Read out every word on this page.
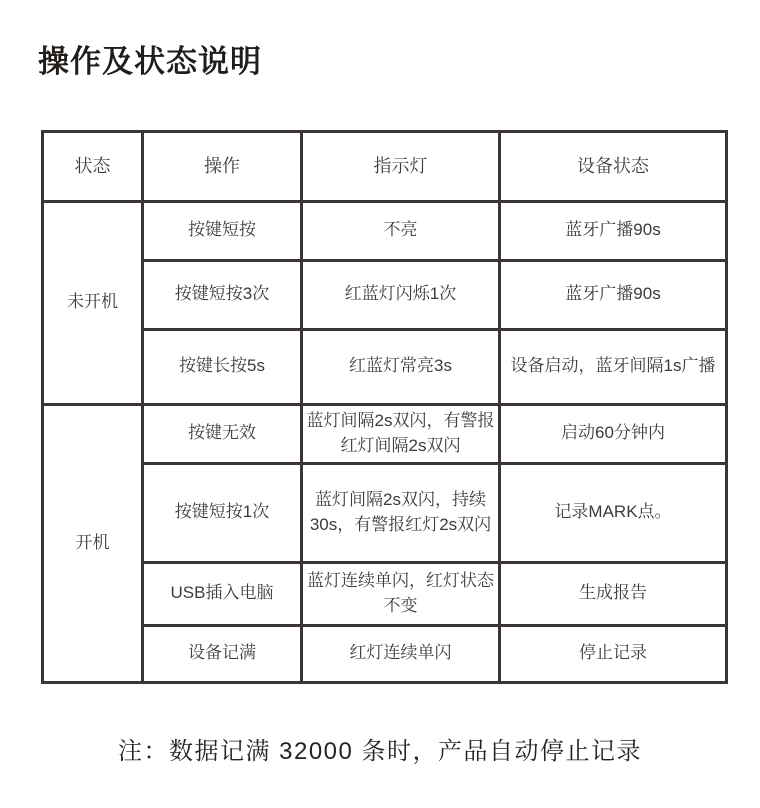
操作及状态说明
状态	操作	指示灯	设备状态
未开机	按键短按	不亮	蓝牙广播90s
	按键短按3次	红蓝灯闪烁1次	蓝牙广播90s
	按键长按5s	红蓝灯常亮3s	设备启动，蓝牙间隔1s广播
开机	按键无效	蓝灯间隔2s双闪，有警报红灯间隔2s双闪	启动60分钟内
	按键短按1次	蓝灯间隔2s双闪，持续30s，有警报红灯2s双闪	记录MARK点。
	USB插入电脑	蓝灯连续单闪，红灯状态不变	生成报告
	设备记满	红灯连续单闪	停止记录

注：数据记满 32000 条时，产品自动停止记录
